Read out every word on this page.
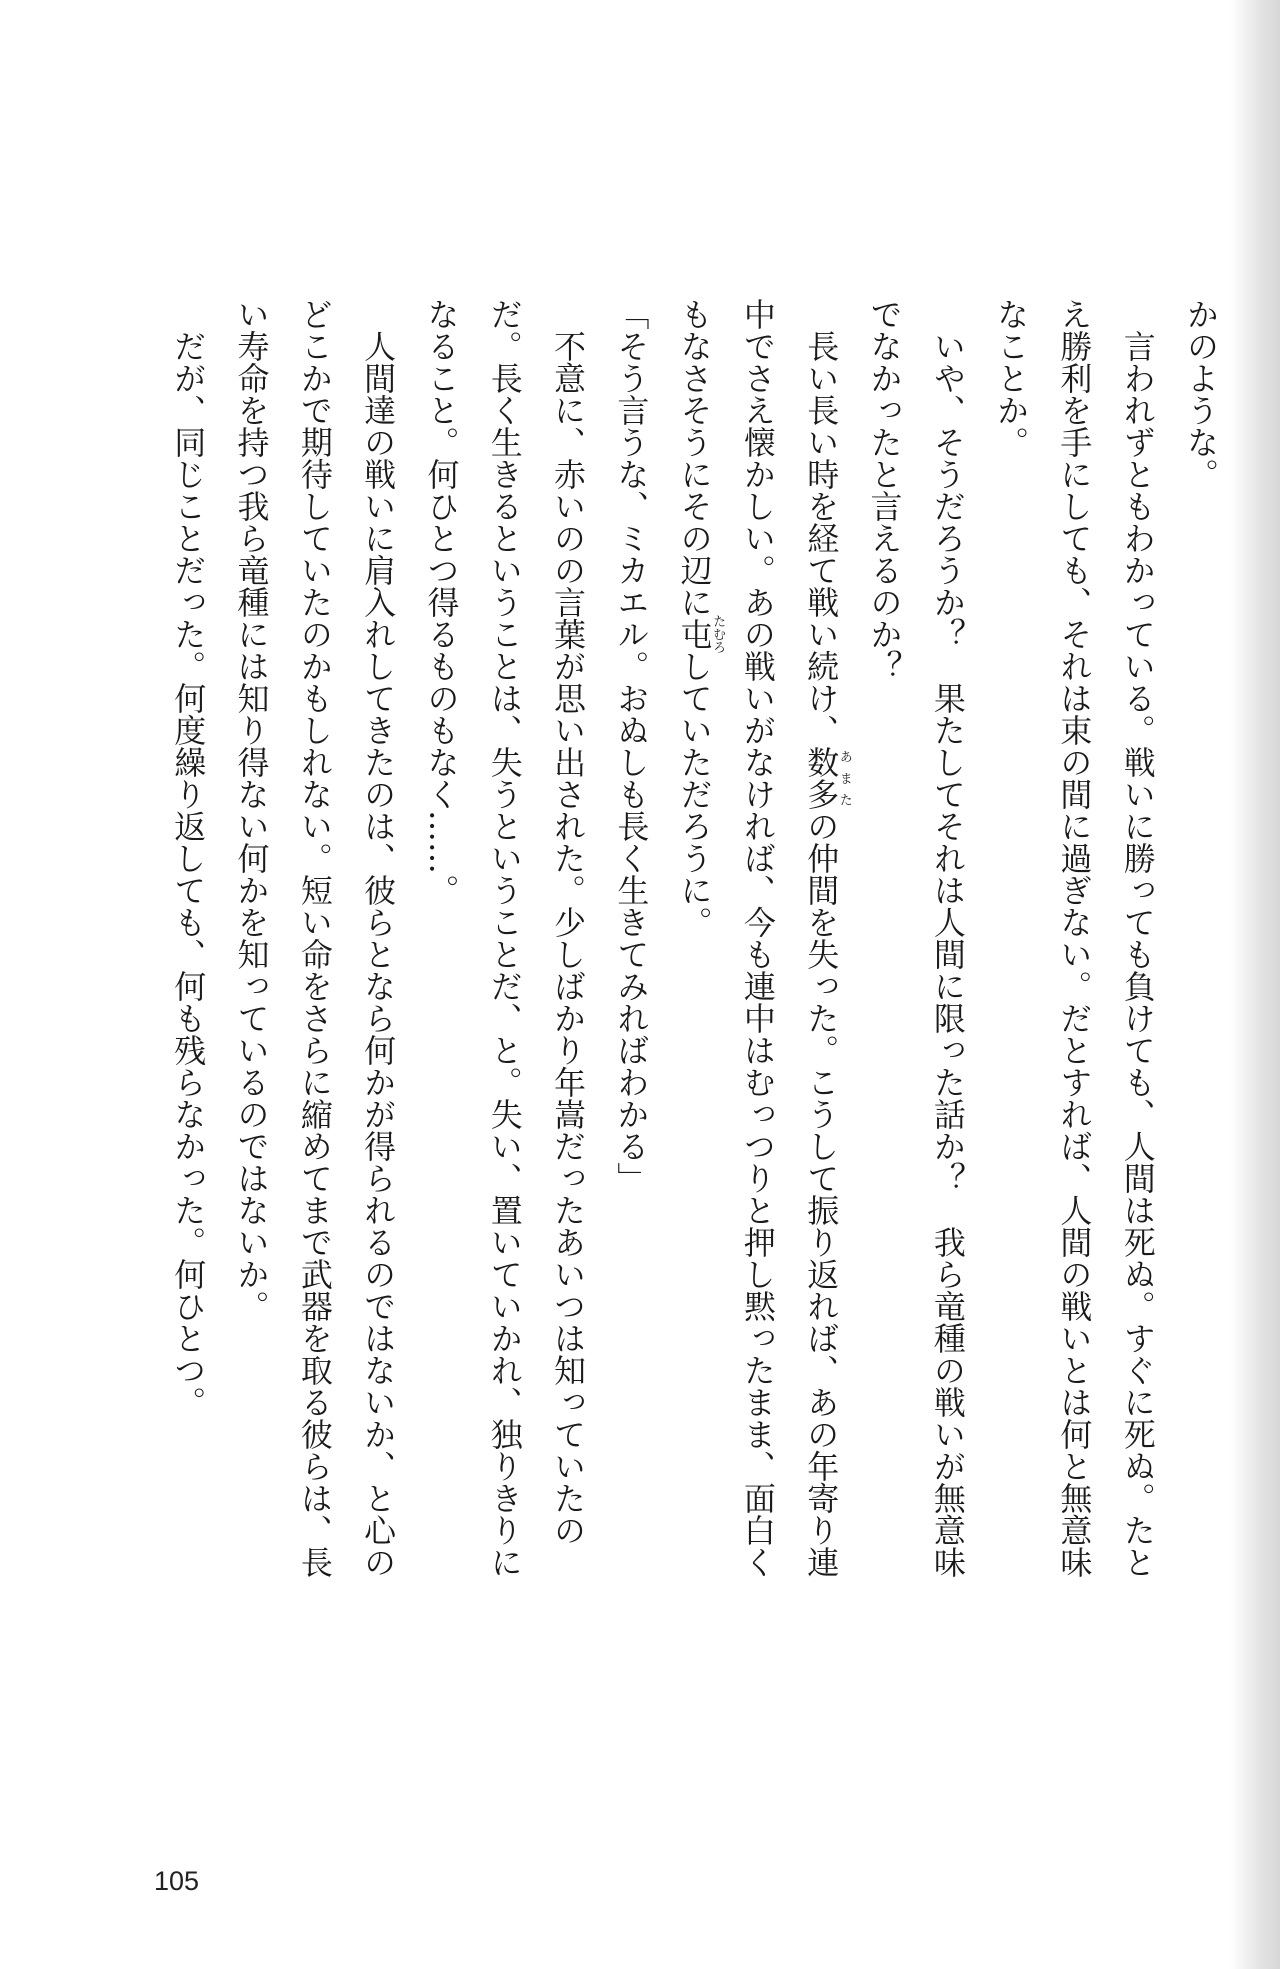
かのような。
　言われずともわかっている。戦いに勝っても負けても、人間は死ぬ。すぐに死ぬ。たと
え勝利を手にしても、それは束の間に過ぎない。だとすれば、人間の戦いとは何と無意味
なことか。
　いや、そうだろうか？　果たしてそれは人間に限った話か？　我ら竜種の戦いが無意味
でなかったと言えるのか？
　長い長い時を経て戦い続け、数多あまたの仲間を失った。こうして振り返れば、あの年寄り連
中でさえ懐かしい。あの戦いがなければ、今も連中はむっつりと押し黙ったまま、面白く
もなさそうにその辺に屯たむろしていただろうに。
「そう言うな、ミカエル。おぬしも長く生きてみればわかる」
　不意に、赤いのの言葉が思い出された。少しばかり年嵩だったあいつは知っていたの
だ。長く生きるということは、失うということだ、と。失い、置いていかれ、独りきりに
なること。何ひとつ得るものもなく……。
　人間達の戦いに肩入れしてきたのは、彼らとなら何かが得られるのではないか、と心の
どこかで期待していたのかもしれない。短い命をさらに縮めてまで武器を取る彼らは、長
い寿命を持つ我ら竜種には知り得ない何かを知っているのではないか。
　だが、同じことだった。何度繰り返しても、何も残らなかった。何ひとつ。
105
